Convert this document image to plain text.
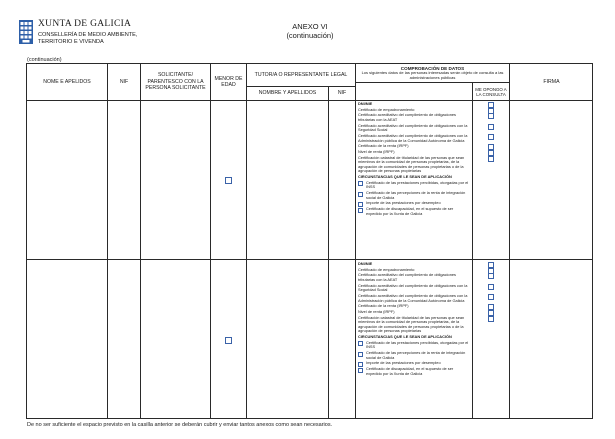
XUNTA DE GALICIA
CONSELLERÍA DE MEDIO AMBIENTE,
TERRITORIO E VIVENDA
ANEXO VI
(continuación)
(continuación)
NOME E APELIDOS	NIF
SOLICITANTE/ PARENTESCO CON LA PERSONA SOLICITANTE
MENOR DE EDAD
TUTOR/A O REPRESENTANTE LEGAL
NOMBRE Y APELLIDOS	NIF
COMPROBACIÓN DE DATOS
Los siguientes datos de las personas interesadas serán objeto de consulta a las administraciones públicas
ME OPONGO A LA CONSULTA
FIRMA
DNI/NIE
Certificado de empadronamiento
Certificado acreditativo del cumplimiento de obligaciones tributarias con la AEAT
Certificado acreditativo del cumplimiento de obligaciones con la Seguridad Social
Certificado acreditativo del cumplimiento de obligaciones con la Administración pública de la Comunidad Autónoma de Galicia
Certificado de la renta (IRPF)
Nivel de renta (IRPF)
Certificación catastral de titularidad de las personas que sean miembros de la comunidad de personas propietarias, de la agrupación de comunidades de personas propietarias o de la agrupación de personas propietarias
CIRCUNSTANCIAS QUE LE SEAN DE APLICACIÓN
Certificado de las prestaciones percibidas, otorgadas por el INSS
Certificado de las percepciones de la renta de integración social de Galicia
Importe de las prestaciones por desempleo
Certificado de discapacidad, en el supuesto de ser expedido por la Xunta de Galicia
DNI/NIE
Certificado de empadronamiento
Certificado acreditativo del cumplimiento de obligaciones tributarias con la AEAT
Certificado acreditativo del cumplimiento de obligaciones con la Seguridad Social
Certificado acreditativo del cumplimiento de obligaciones con la Administración pública de la Comunidad Autónoma de Galicia
Certificado de la renta (IRPF)
Nivel de renta (IRPF)
Certificación catastral de titularidad de las personas que sean miembros de la comunidad de personas propietarias, de la agrupación de comunidades de personas propietarias o de la agrupación de personas propietarias
CIRCUNSTANCIAS QUE LE SEAN DE APLICACIÓN
Certificado de las prestaciones percibidas, otorgadas por el INSS
Certificado de las percepciones de la renta de integración social de Galicia
Importe de las prestaciones por desempleo
Certificado de discapacidad, en el supuesto de ser expedido por la Xunta de Galicia
De no ser suficiente el espacio previsto en la casilla anterior se deberán cubrir y enviar tantos anexos como sean necesarios.
